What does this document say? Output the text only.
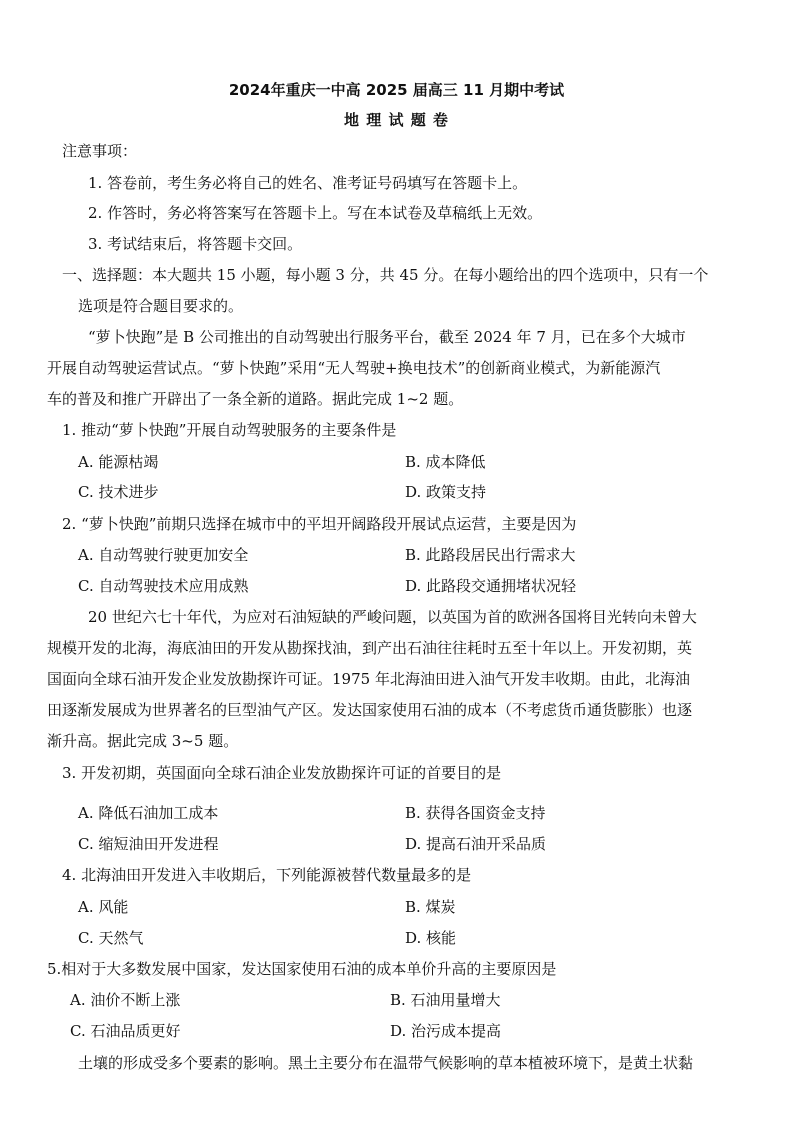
2024年重庆一中高 2025 届高三 11 月期中考试
地 理 试 题 卷
注意事项：
1. 答卷前，考生务必将自己的姓名、准考证号码填写在答题卡上。
2. 作答时，务必将答案写在答题卡上。写在本试卷及草稿纸上无效。
3. 考试结束后，将答题卡交回。
一、选择题：本大题共 15 小题，每小题 3 分，共 45 分。在每小题给出的四个选项中，只有一个
选项是符合题目要求的。
“萝卜快跑”是 B 公司推出的自动驾驶出行服务平台，截至 2024 年 7 月，已在多个大城市
开展自动驾驶运营试点。“萝卜快跑”采用“无人驾驶+换电技术”的创新商业模式，为新能源汽
车的普及和推广开辟出了一条全新的道路。据此完成 1~2 题。
1. 推动“萝卜快跑”开展自动驾驶服务的主要条件是
A. 能源枯竭	B. 成本降低
C. 技术进步	D. 政策支持
2. “萝卜快跑”前期只选择在城市中的平坦开阔路段开展试点运营，主要是因为
A. 自动驾驶行驶更加安全	B. 此路段居民出行需求大
C. 自动驾驶技术应用成熟	D. 此路段交通拥堵状况轻
20 世纪六七十年代，为应对石油短缺的严峻问题，以英国为首的欧洲各国将目光转向未曾大
规模开发的北海，海底油田的开发从勘探找油，到产出石油往往耗时五至十年以上。开发初期，英
国面向全球石油开发企业发放勘探许可证。1975 年北海油田进入油气开发丰收期。由此，北海油
田逐渐发展成为世界著名的巨型油气产区。发达国家使用石油的成本（不考虑货币通货膨胀）也逐
渐升高。据此完成 3~5 题。
3. 开发初期，英国面向全球石油企业发放勘探许可证的首要目的是
A. 降低石油加工成本	B. 获得各国资金支持
C. 缩短油田开发进程	D. 提高石油开采品质
4. 北海油田开发进入丰收期后，下列能源被替代数量最多的是
A. 风能	B. 煤炭
C. 天然气	D. 核能
5.相对于大多数发展中国家，发达国家使用石油的成本单价升高的主要原因是
A. 油价不断上涨	B. 石油用量增大
C. 石油品质更好	D. 治污成本提高
土壤的形成受多个要素的影响。黑土主要分布在温带气候影响的草本植被环境下，是黄土状黏
